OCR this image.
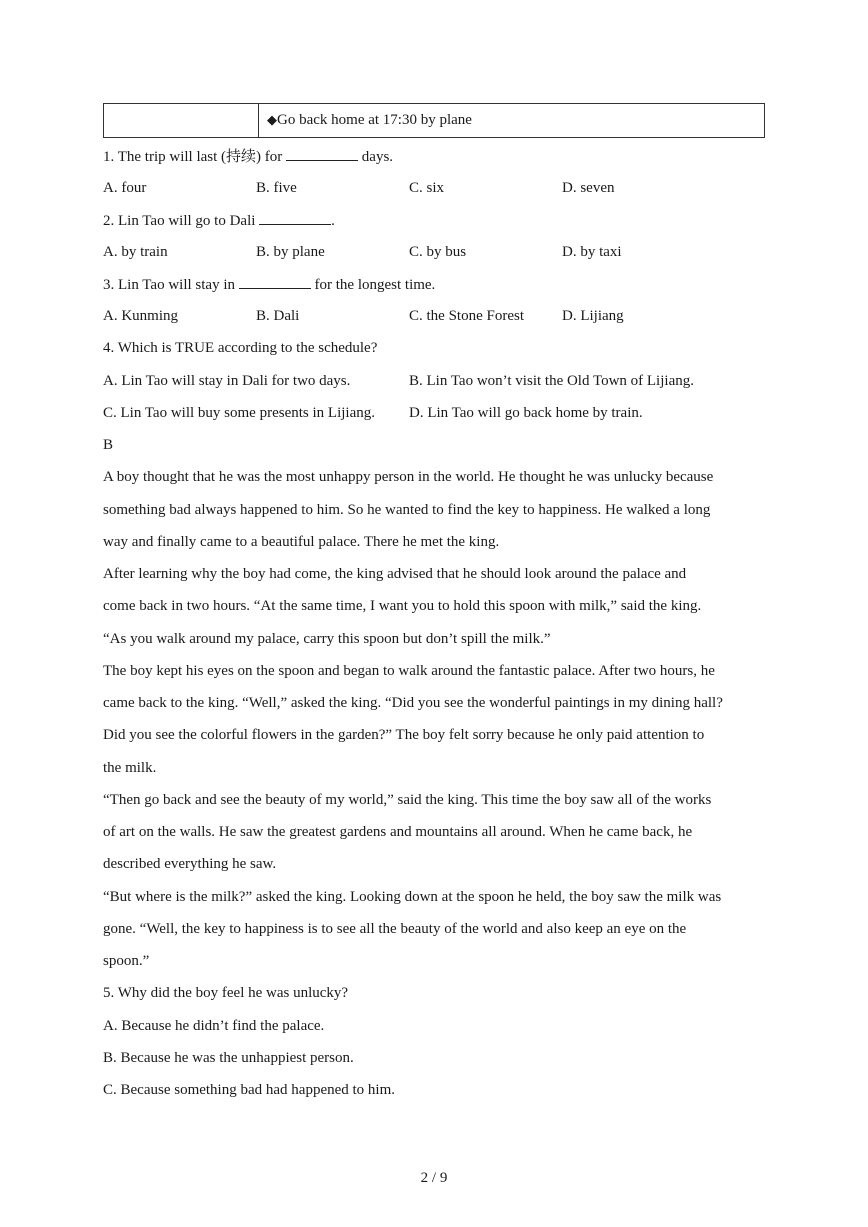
	◆Go back home at 17:30 by plane
1. The trip will last (持续) for	days.
A. four	B. five	C. six	D. seven
2. Lin Tao will go to Dali	.
A. by train	B. by plane	C. by bus	D. by taxi
3. Lin Tao will stay in	for the longest time.
A. Kunming	B. Dali	C. the Stone Forest	D. Lijiang
4. Which is TRUE according to the schedule?
A. Lin Tao will stay in Dali for two days.	B. Lin Tao won’t visit the Old Town of Lijiang.
C. Lin Tao will buy some presents in Lijiang. D. Lin Tao will go back home by train.
B
A boy thought that he was the most unhappy person in the world. He thought he was unlucky because
something bad always happened to him. So he wanted to find the key to happiness. He walked a long
way and finally came to a beautiful palace. There he met the king.
After learning why the boy had come, the king advised that he should look around the palace and
come back in two hours. “At the same time, I want you to hold this spoon with milk,” said the king.
“As you walk around my palace, carry this spoon but don’t spill the milk.”
The boy kept his eyes on the spoon and began to walk around the fantastic palace. After two hours, he
came back to the king. “Well,” asked the king. “Did you see the wonderful paintings in my dining hall?
Did you see the colorful flowers in the garden?” The boy felt sorry because he only paid attention to
the milk.
“Then go back and see the beauty of my world,” said the king. This time the boy saw all of the works
of art on the walls. He saw the greatest gardens and mountains all around. When he came back, he
described everything he saw.
“But where is the milk?” asked the king. Looking down at the spoon he held, the boy saw the milk was
gone. “Well, the key to happiness is to see all the beauty of the world and also keep an eye on the
spoon.”
5. Why did the boy feel he was unlucky?
A. Because he didn’t find the palace.
B. Because he was the unhappiest person.
C. Because something bad had happened to him.
2 / 9
